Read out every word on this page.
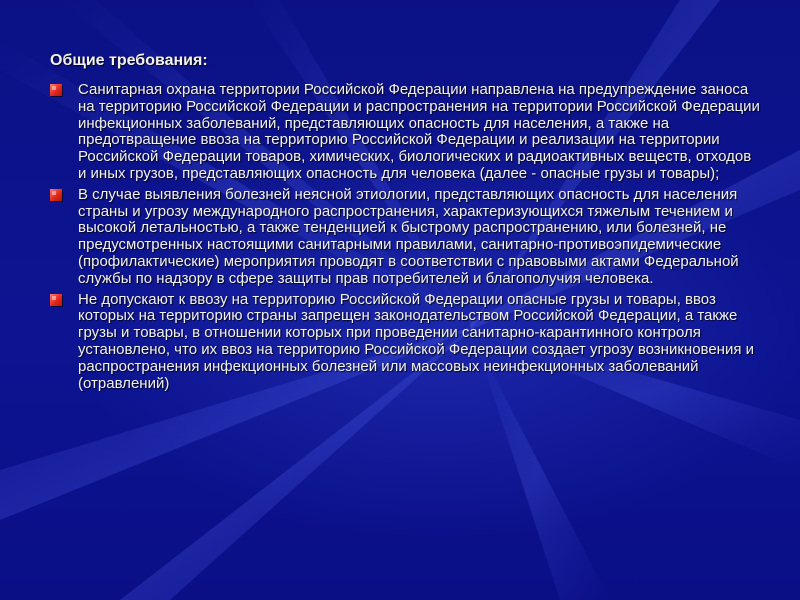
Общие требования:
Санитарная охрана территории Российской Федерации направлена на предупреждение заноса на территорию Российской Федерации и распространения на территории Российской Федерации инфекционных заболеваний, представляющих опасность для населения, а также на предотвращение ввоза на территорию Российской Федерации и реализации на территории Российской Федерации товаров, химических, биологических и радиоактивных веществ, отходов и иных грузов, представляющих опасность для человека (далее - опасные грузы и товары);
В случае выявления болезней неясной этиологии, представляющих опасность для населения страны и угрозу международного распространения, характеризующихся тяжелым течением и высокой летальностью, а также тенденцией к быстрому распространению, или болезней, не предусмотренных настоящими санитарными правилами, санитарно-противоэпидемические (профилактические) мероприятия проводят в соответствии с правовыми актами Федеральной службы по надзору в сфере защиты прав потребителей и благополучия человека.
Не допускают к ввозу на территорию Российской Федерации опасные грузы и товары, ввоз которых на территорию страны запрещен законодательством Российской Федерации, а также грузы и товары, в отношении которых при проведении санитарно-карантинного контроля установлено, что их ввоз на территорию Российской Федерации создает угрозу возникновения и распространения инфекционных болезней или массовых неинфекционных заболеваний (отравлений)
